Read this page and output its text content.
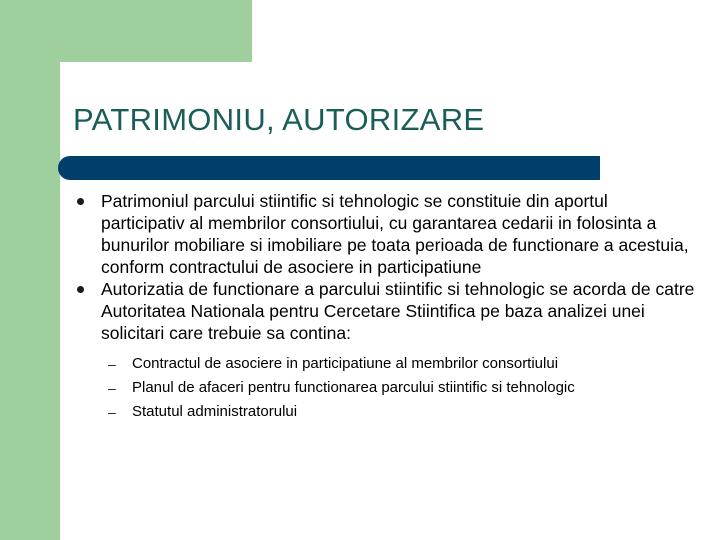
PATRIMONIU, AUTORIZARE
Patrimoniul parcului stiintific si tehnologic se constituie din aportul participativ al membrilor consortiului, cu garantarea cedarii in folosinta a bunurilor mobiliare si imobiliare pe toata perioada de functionare a acestuia, conform contractului de asociere in participatiune
Autorizatia de functionare a parcului stiintific si tehnologic se acorda de catre Autoritatea Nationala pentru Cercetare Stiintifica pe baza analizei unei solicitari care trebuie sa contina:
– Contractul de asociere in participatiune al membrilor consortiului
– Planul de afaceri pentru functionarea parcului stiintific si tehnologic
– Statutul administratorului
